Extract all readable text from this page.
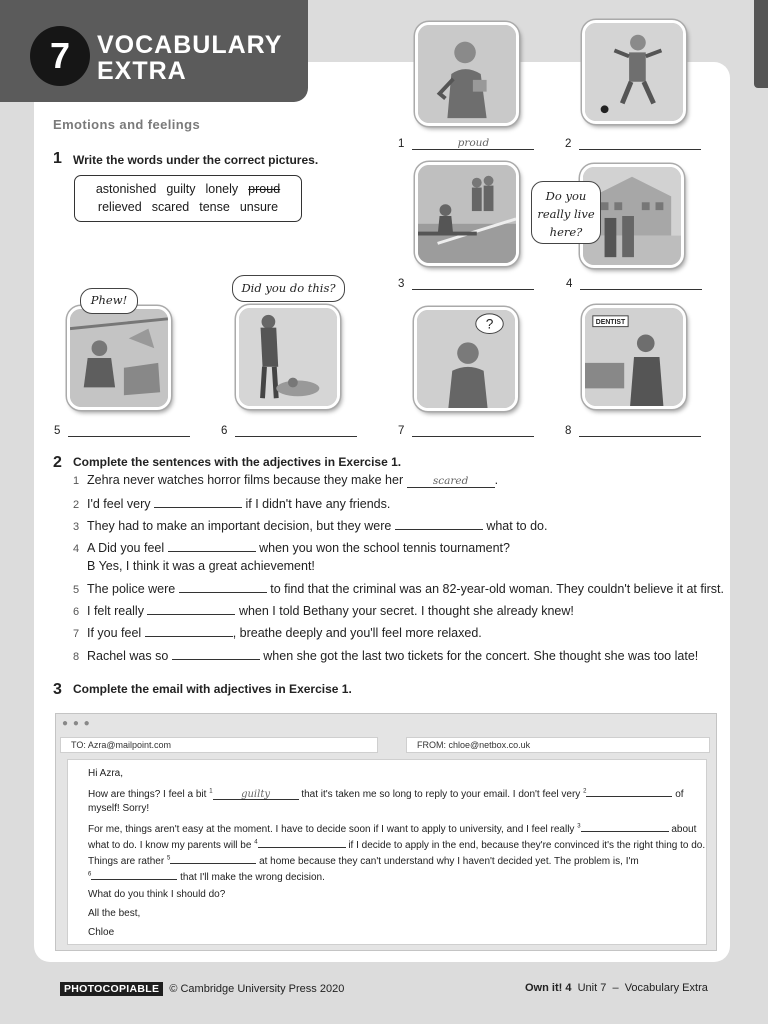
7	VOCABULARY
EXTRA
Emotions and feelings
1 Write the words under the correct pictures.
astonished guilty lonely proud
relieved scared tense unsure
?	DENTIST
Do you really live here?
Phew!
Did you do this?
1	proud	2
3	4
5	6	7	8
2 Complete the sentences with the adjectives in Exercise 1.
1 Zehra never watches horror films because they make her	scared .
2 I'd feel very	if I didn't have any friends.
3 They had to make an important decision, but they were	what to do.
4 A Did you feel	when you won the school tennis tournament?
B Yes, I think it was a great achievement!
5 The police were	to find that the criminal was an 82-year-old woman. They couldn't believe it at first.
6 I felt really	when I told Bethany your secret. I thought she already knew!
7 If you feel	, breathe deeply and you'll feel more relaxed.
8 Rachel was so	when she got the last two tickets for the concert. She thought she was too late!
3 Complete the email with adjectives in Exercise 1.
● ● ●
TO: Azra@mailpoint.com	FROM: chloe@netbox.co.uk
Hi Azra,
How are things? I feel a bit $^1$	guilty	that it's taken me so long to reply to your email. I don't feel very $^2$	of
myself! Sorry!
For me, things aren't easy at the moment. I have to decide soon if I want to apply to university, and I feel really $^3$	about
what to do. I know my parents will be $^4$	if I decide to apply in the end, because they're convinced it's the right thing to do.
Things are rather $^5$	at home because they can't understand why I haven't decided yet. The problem is, I'm
$^6$	that I'll make the wrong decision.
What do you think I should do?
All the best,
Chloe
PHOTOCOPIABLE © Cambridge University Press 2020	Own it! 4
Unit 7
–
Vocabulary Extra
